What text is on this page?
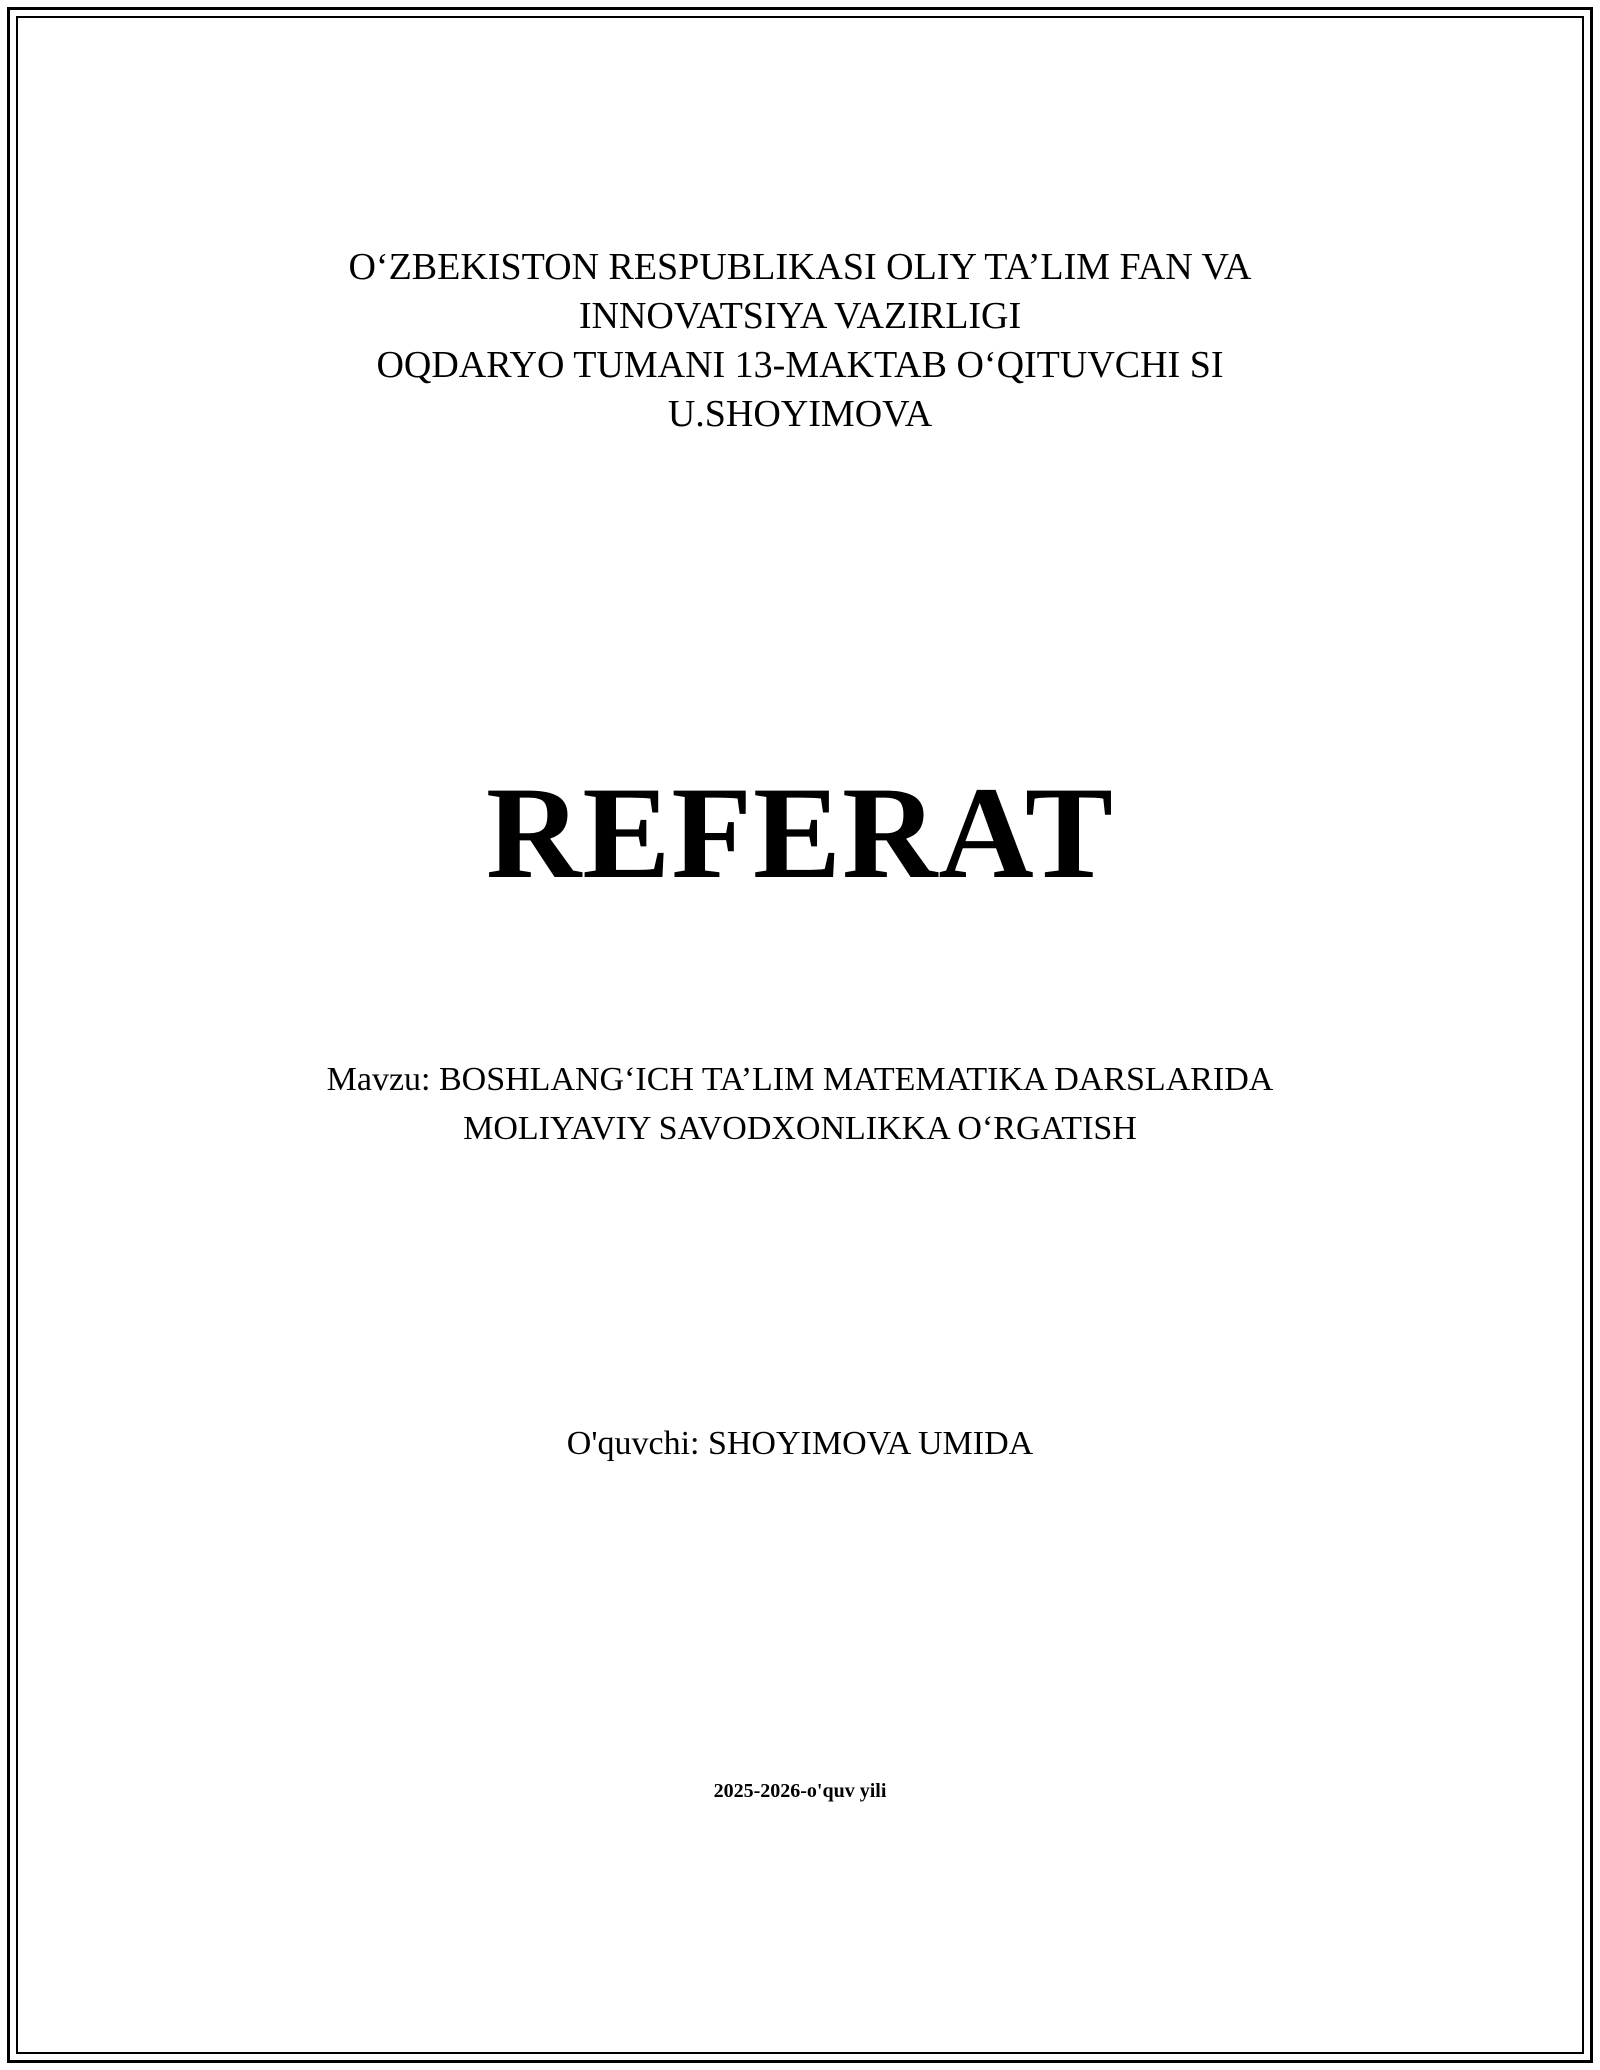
O‘ZBEKISTON RESPUBLIKASI OLIY TA’LIM FAN VA
INNOVATSIYA VAZIRLIGI
OQDARYO TUMANI 13-MAKTAB O‘QITUVCHI SI
U.SHOYIMOVA
REFERAT
Mavzu: BOSHLANG‘ICH TA’LIM MATEMATIKA DARSLARIDA
MOLIYAVIY SAVODXONLIKKA O‘RGATISH
O'quvchi: SHOYIMOVA UMIDA
2025-2026-o'quv yili
